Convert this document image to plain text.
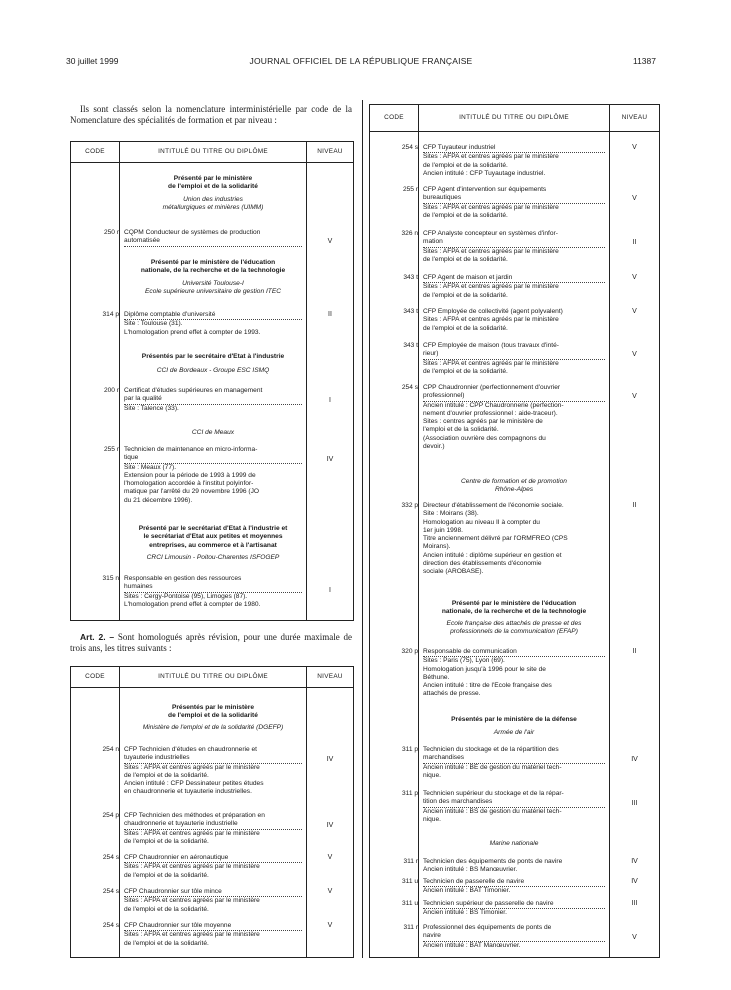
30 juillet 1999	JOURNAL OFFICIEL DE LA RÉPUBLIQUE FRANÇAISE	11387
Ils sont classés selon la nomenclature interministérielle par code de la Nomenclature des spécialités de formation et par niveau :
Art. 2. – Sont homologués après révision, pour une durée maximale de trois ans, les titres suivants :
CODE	INTITULÉ DU TITRE OU DIPLÔME	NIVEAU
Présenté par le ministère
de l'emploi et de la solidarité
Union des industries
métallurgiques et minières (UIMM)
250 r CQPM Conducteur de systèmes de production
automatisée	V
Présenté par le ministère de l'éducation
nationale, de la recherche et de la technologie
Université Toulouse-I
Ecole supérieure universitaire de gestion ITEC
314 p Diplôme comptable d'université
Site : Toulouse (31).
L'homologation prend effet à compter de 1993.
II
Présentés par le secrétaire d'Etat à l'industrie
CCI de Bordeaux - Groupe ESC ISMQ
200 r Certificat d'études supérieures en management
par la qualité
Site : Talence (33).
I
CCI de Meaux
255 r Technicien de maintenance en micro-informa-
tique
Site : Meaux (77).
Extension pour la période de 1993 à 1999 de
l'homologation accordée à l'institut polyinfor-
matique par l'arrêté du 29 novembre 1996 (JO
du 21 décembre 1996).
IV
Présenté par le secrétariat d'Etat à l'industrie et
le secrétariat d'Etat aux petites et moyennes
entreprises, au commerce et à l'artisanat
CRCI Limousin - Poitou-Charentes ISFOGEP
315 n Responsable en gestion des ressources
humaines
Sites : Cergy-Pontoise (95), Limoges (87).
L'homologation prend effet à compter de 1980.
I
CODE	INTITULÉ DU TITRE OU DIPLÔME	NIVEAU
Présentés par le ministère
de l'emploi et de la solidarité
Ministère de l'emploi et de la solidarité (DGEFP)
254 n CFP Technicien d'études en chaudronnerie et
tuyauterie industrielles
Sites : AFPA et centres agréés par le ministère
de l'emploi et de la solidarité.
Ancien intitulé : CFP Dessinateur petites études
en chaudronnerie et tuyauterie industrielles.
IV
254 p CFP Technicien des méthodes et préparation en
chaudronnerie et tuyauterie industrielle
Sites : AFPA et centres agréés par le ministère
de l'emploi et de la solidarité.
IV
254 s CFP Chaudronnier en aéronautique
Sites : AFPA et centres agréés par le ministère
de l'emploi et de la solidarité.
V
254 s CFP Chaudronnier sur tôle mince
Sites : AFPA et centres agréés par le ministère
de l'emploi et de la solidarité.
V
254 s CFP Chaudronnier sur tôle moyenne
Sites : AFPA et centres agréés par le ministère
de l'emploi et de la solidarité.
V
CODE	INTITULÉ DU TITRE OU DIPLÔME	NIVEAU
254 s CFP Tuyauteur industriel
Sites : AFPA et centres agréés par le ministère
de l'emploi et de la solidarité.
Ancien intitulé : CFP Tuyautage industriel.
V
255 r CFP Agent d'intervention sur équipements
bureautiques
Sites : AFPA et centres agréés par le ministère
de l'emploi et de la solidarité.
V
326 n CFP Analyste concepteur en systèmes d'infor-
mation
Sites : AFPA et centres agréés par le ministère
de l'emploi et de la solidarité.
II
343 t CFP Agent de maison et jardin
Sites : AFPA et centres agréés par le ministère
de l'emploi et de la solidarité.
V
343 t CFP Employée de collectivité (agent polyvalent)
Sites : AFPA et centres agréés par le ministère
de l'emploi et de la solidarité.
V
343 t CFP Employée de maison (tous travaux d'inté-
rieur)
Sites : AFPA et centres agréés par le ministère
de l'emploi et de la solidarité.
V
254 s CPP Chaudronnier (perfectionnement d'ouvrier
professionnel)
Ancien intitulé : CPP Chaudronnerie (perfection-
nement d'ouvrier professionnel : aide-traceur).
Sites : centres agréés par le ministère de
l'emploi et de la solidarité.
(Association ouvrière des compagnons du
devoir.)
V
Centre de formation et de promotion
Rhône-Alpes
332 p Directeur d'établissement de l'économie sociale.
Site : Moirans (38).
Homologation au niveau II à compter du
1er juin 1998.
Titre anciennement délivré par l'ORMFREO (CPS
Moirans).
Ancien intitulé : diplôme supérieur en gestion et
direction des établissements d'économie
sociale (AROBASE).
II
Présenté par le ministère de l'éducation
nationale, de la recherche et de la technologie
Ecole française des attachés de presse et des
professionnels de la communication (EFAP)
320 p Responsable de communication
Sites : Paris (75), Lyon (69).
Homologation jusqu'à 1996 pour le site de
Béthune.
Ancien intitulé : titre de l'Ecole française des
attachés de presse.
II
Présentés par le ministère de la défense
Armée de l'air
311 p Technicien du stockage et de la répartition des
marchandises
Ancien intitulé : BE de gestion du matériel tech-
nique.
IV
311 p Technicien supérieur du stockage et de la répar-
tition des marchandises
Ancien intitulé : BS de gestion du matériel tech-
nique.
III
Marine nationale
311 r Technicien des équipements de ponts de navire
Ancien intitulé : BS Manœuvrier.
IV
311 u Technicien de passerelle de navire
Ancien intitulé : BAT Timonier.
IV
311 u Technicien supérieur de passerelle de navire
Ancien intitulé : BS Timonier.
III
311 r Professionnel des équipements de ponts de
navire
Ancien intitulé : BAT Manœuvrier.
V
